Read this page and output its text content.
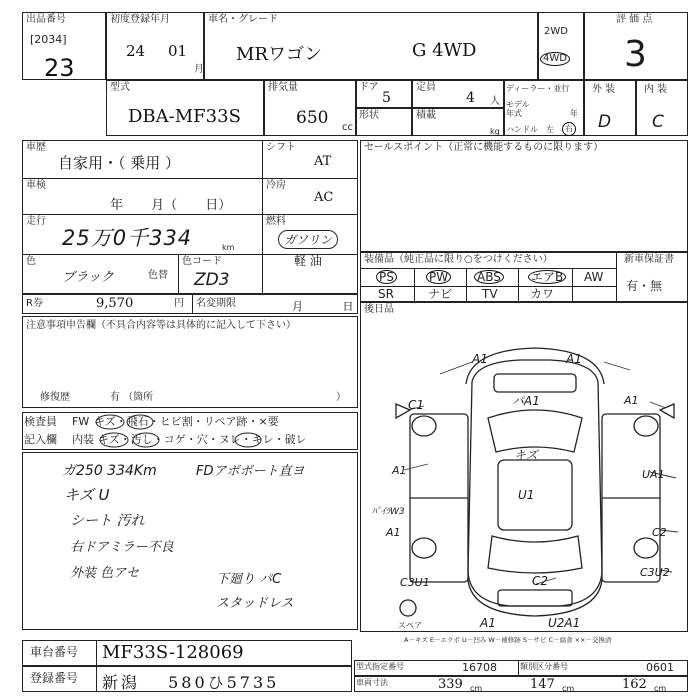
出品番号
[2034]
23
初度登録年月
24 01
月
車名・グレード
MRワゴン	G 4WD
2WD
4WD
評 価 点
3
型式
DBA-MF33S
排気量
650 cc
ドア
5
定員
4 人
形状	積載
kg
ディーラー・並行
モデル年式	年
ハンドル 左	右
外 装
D
内 装
C
車歴
自家用・（ 乗用 ）
シフト
AT
車検
年 月（ 日）
冷房
AC
走行
25万0千334	km
燃料
ガソリン
軽 油
色
ブラック	色替
色コード
ZD3
R券	9,570	円 名変期限	月 日
注意事項申告欄（不具合内容等は具体的に記入して下さい）
修復歴	有 （箇所	）
検査員
記入欄
FW キズ・飛石・ヒビ割・リペア跡・×要
内装 キズ・汚し・コゲ・穴・ヌレ・キレ・破レ
ガ250 334Km	FDアボボート直ヨ
キズ U
シート 汚れ
右ドアミラー不良
外装 色アセ	下廻り パC
スタッドレス
セールスポイント（正常に機能するものに限ります）
装備品（純正品に限り○をつけください）	新車保証書
有・無
PS	PW ABS	エアB AW
SR	ナビ TV	カワ
後日品
A1	A1
C1	パA1	A1
キズ
A1	UA1
U1
ﾊﾟｲﾗW3
A1	C2
C2
C3U2
C3U1
A1	U2A1
スペア
A－キズ E－エクボ U－凹み W－補修跡 S－サビ C－腐食 ××－交換済
車台番号 MF33S-128069
登録番号 新潟 580ひ5735
型式指定番号	16708	類別区分番号	0601
車両寸法	339 cm	147 cm	162 cm
